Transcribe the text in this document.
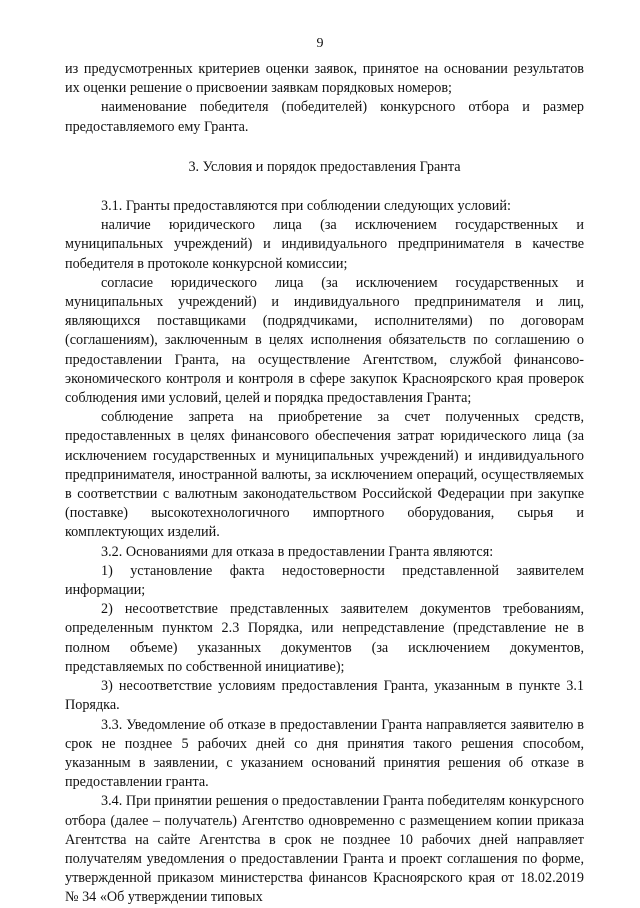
9

из предусмотренных критериев оценки заявок, принятое на основании результатов их оценки решение о присвоении заявкам порядковых номеров;

наименование победителя (победителей) конкурсного отбора и размер предоставляемого ему Гранта.

3. Условия и порядок предоставления Гранта

3.1. Гранты предоставляются при соблюдении следующих условий:

наличие юридического лица (за исключением государственных и муниципальных учреждений) и индивидуального предпринимателя в качестве победителя в протоколе конкурсной комиссии;

согласие юридического лица (за исключением государственных и муниципальных учреждений) и индивидуального предпринимателя и лиц, являющихся поставщиками (подрядчиками, исполнителями) по договорам (соглашениям), заключенным в целях исполнения обязательств по соглашению о предоставлении Гранта, на осуществление Агентством, службой финансово-экономического контроля и контроля в сфере закупок Красноярского края проверок соблюдения ими условий, целей и порядка предоставления Гранта;

соблюдение запрета на приобретение за счет полученных средств, предоставленных в целях финансового обеспечения затрат юридического лица (за исключением государственных и муниципальных учреждений) и индивидуального предпринимателя, иностранной валюты, за исключением операций, осуществляемых в соответствии с валютным законодательством Российской Федерации при закупке (поставке) высокотехнологичного импортного оборудования, сырья и комплектующих изделий.

3.2. Основаниями для отказа в предоставлении Гранта являются:

1) установление факта недостоверности представленной заявителем информации;

2) несоответствие представленных заявителем документов требованиям, определенным пунктом 2.3 Порядка, или непредставление (представление не в полном объеме) указанных документов (за исключением документов, представляемых по собственной инициативе);

3) несоответствие условиям предоставления Гранта, указанным в пункте 3.1 Порядка.

3.3. Уведомление об отказе в предоставлении Гранта направляется заявителю в срок не позднее 5 рабочих дней со дня принятия такого решения способом, указанным в заявлении, с указанием оснований принятия решения об отказе в предоставлении гранта.

3.4. При принятии решения о предоставлении Гранта победителям конкурсного отбора (далее – получатель) Агентство одновременно с размещением копии приказа Агентства на сайте Агентства в срок не позднее 10 рабочих дней направляет получателям уведомления о предоставлении Гранта и проект соглашения по форме, утвержденной приказом министерства финансов Красноярского края от 18.02.2019 № 34 «Об утверждении типовых
